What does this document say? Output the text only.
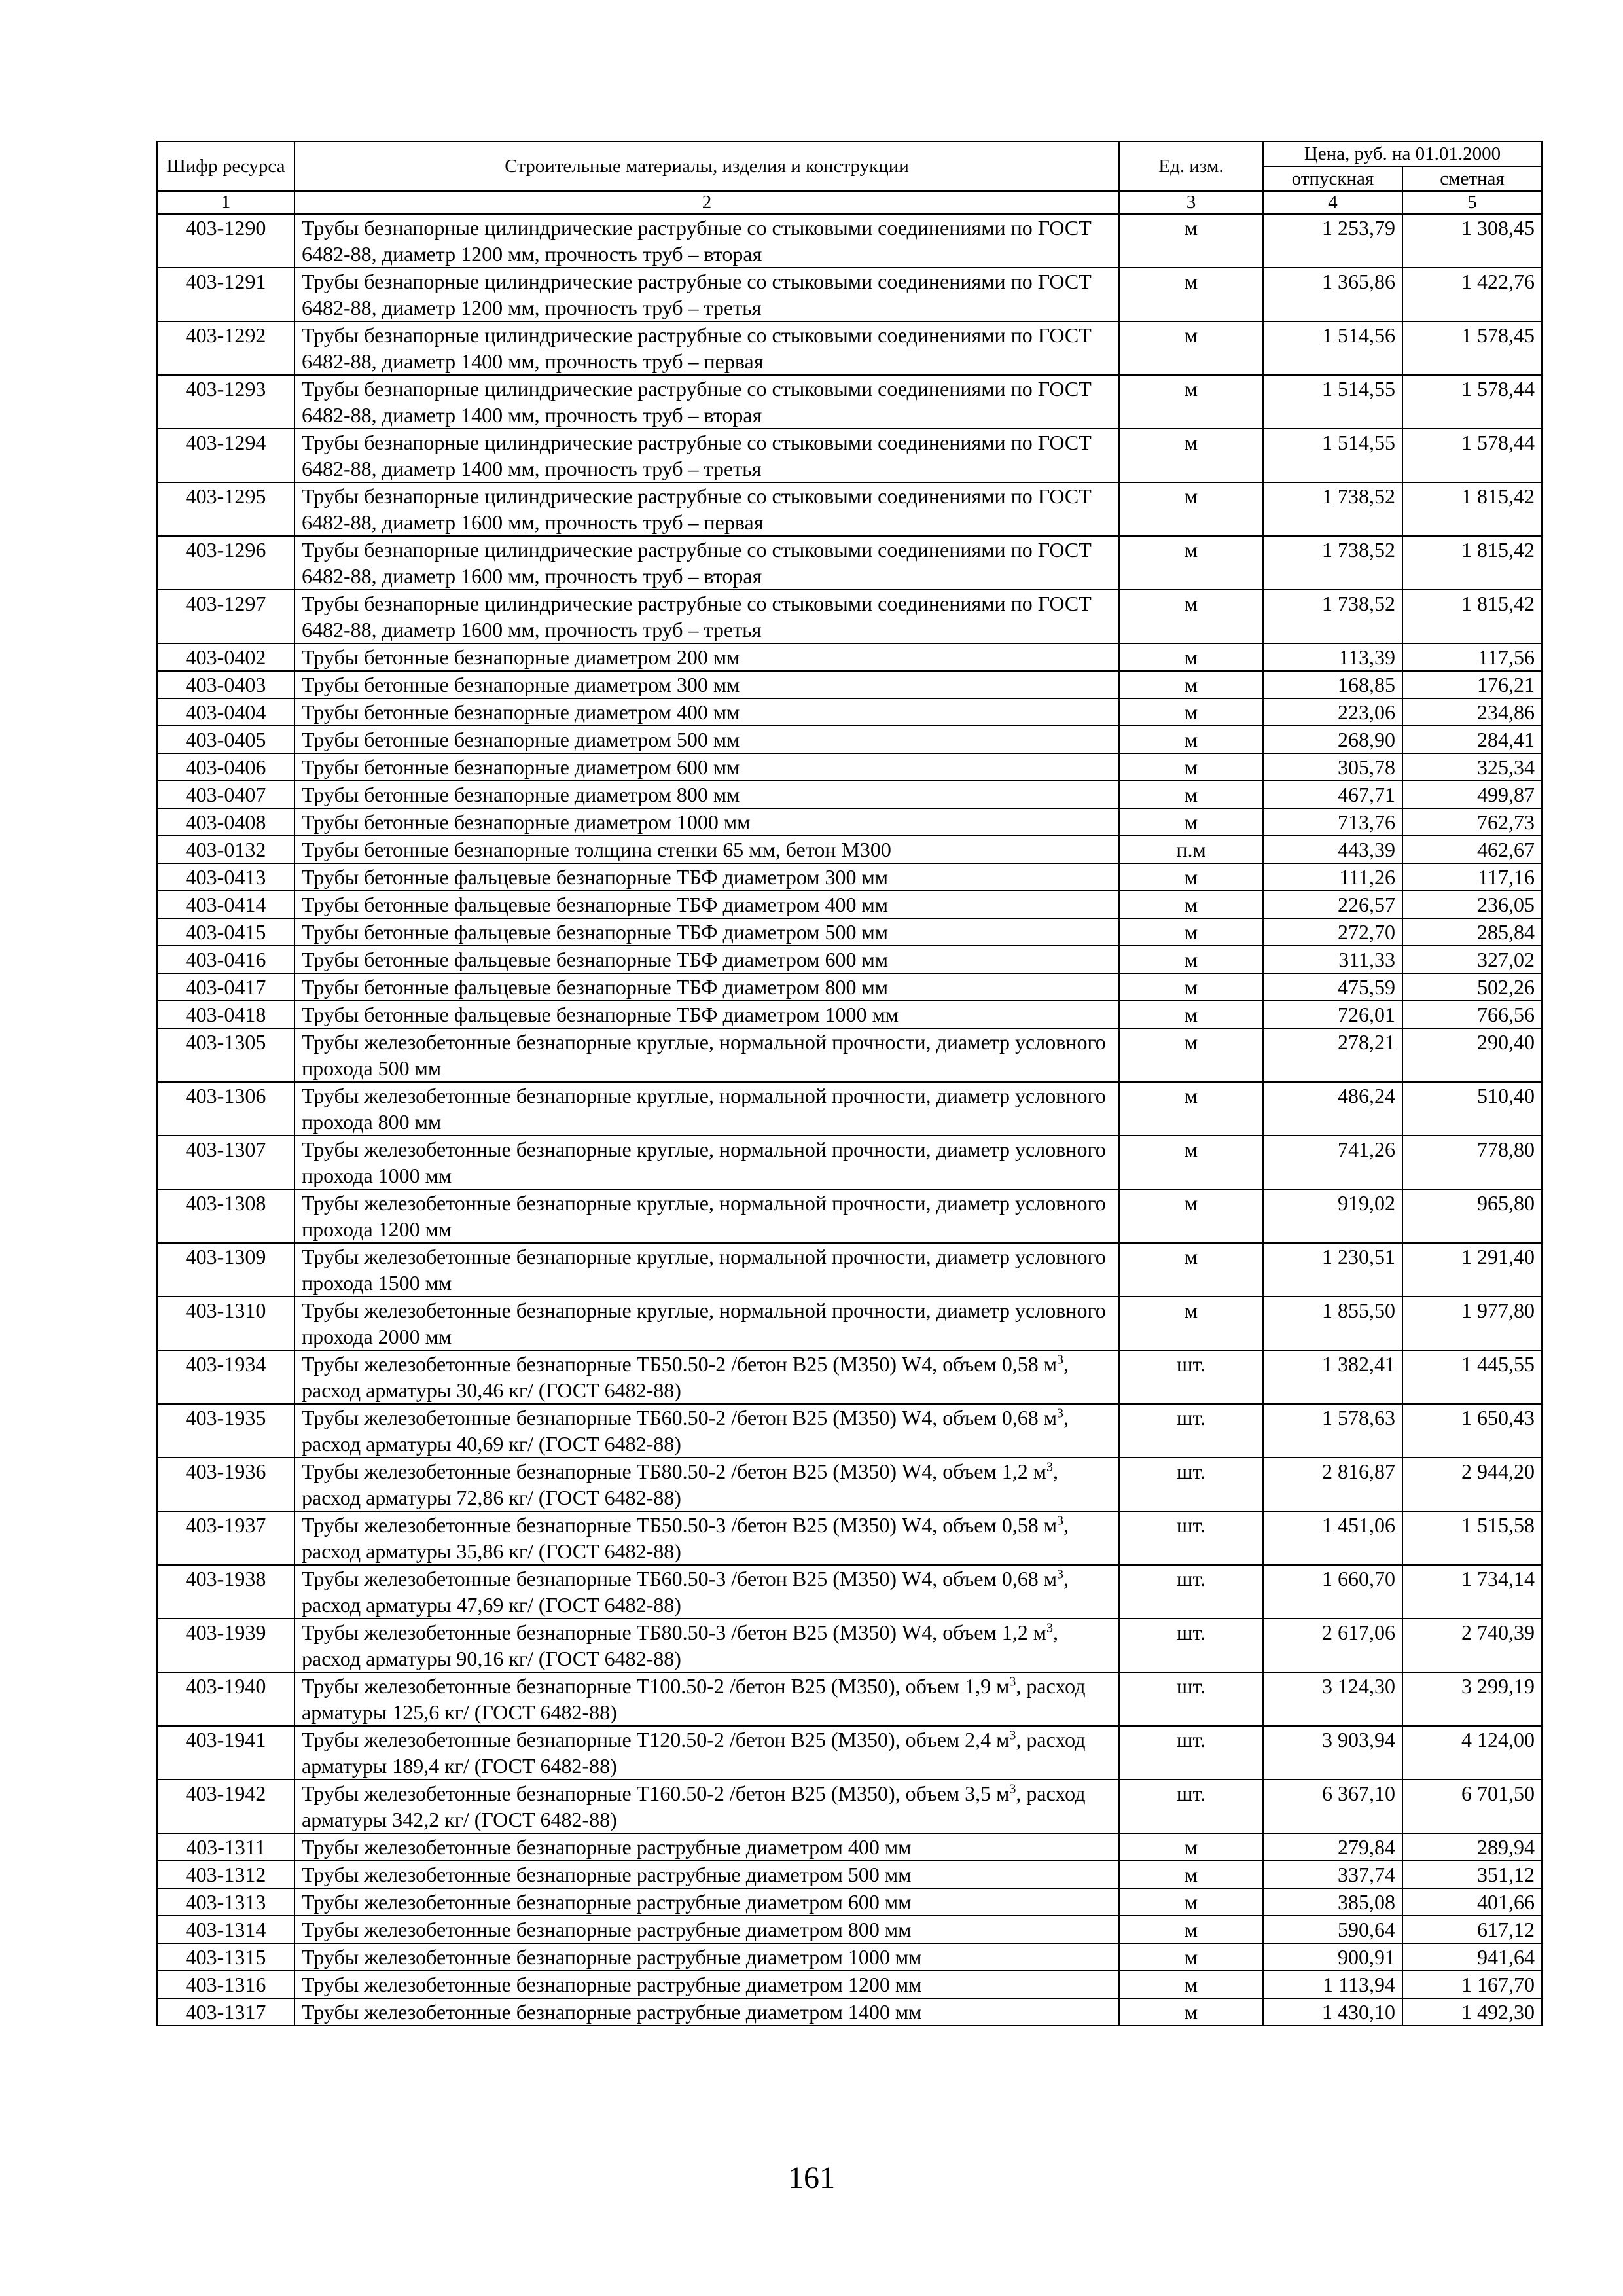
Шифр ресурса	Строительные материалы, изделия и конструкции	Ед. изм.	Цена, руб. на 01.01.2000	
			отпускная	сметная
1	2	3	4	5
403-1290	Трубы безнапорные цилиндрические раструбные со стыковыми соединениями по ГОСТ 6482-88, диаметр 1200 мм, прочность труб – вторая	м	1 253,79	1 308,45
403-1291	Трубы безнапорные цилиндрические раструбные со стыковыми соединениями по ГОСТ 6482-88, диаметр 1200 мм, прочность труб – третья	м	1 365,86	1 422,76
403-1292	Трубы безнапорные цилиндрические раструбные со стыковыми соединениями по ГОСТ 6482-88, диаметр 1400 мм, прочность труб – первая	м	1 514,56	1 578,45
403-1293	Трубы безнапорные цилиндрические раструбные со стыковыми соединениями по ГОСТ 6482-88, диаметр 1400 мм, прочность труб – вторая	м	1 514,55	1 578,44
403-1294	Трубы безнапорные цилиндрические раструбные со стыковыми соединениями по ГОСТ 6482-88, диаметр 1400 мм, прочность труб – третья	м	1 514,55	1 578,44
403-1295	Трубы безнапорные цилиндрические раструбные со стыковыми соединениями по ГОСТ 6482-88, диаметр 1600 мм, прочность труб – первая	м	1 738,52	1 815,42
403-1296	Трубы безнапорные цилиндрические раструбные со стыковыми соединениями по ГОСТ 6482-88, диаметр 1600 мм, прочность труб – вторая	м	1 738,52	1 815,42
403-1297	Трубы безнапорные цилиндрические раструбные со стыковыми соединениями по ГОСТ 6482-88, диаметр 1600 мм, прочность труб – третья	м	1 738,52	1 815,42
403-0402	Трубы бетонные безнапорные диаметром 200 мм	м	113,39	117,56
403-0403	Трубы бетонные безнапорные диаметром 300 мм	м	168,85	176,21
403-0404	Трубы бетонные безнапорные диаметром 400 мм	м	223,06	234,86
403-0405	Трубы бетонные безнапорные диаметром 500 мм	м	268,90	284,41
403-0406	Трубы бетонные безнапорные диаметром 600 мм	м	305,78	325,34
403-0407	Трубы бетонные безнапорные диаметром 800 мм	м	467,71	499,87
403-0408	Трубы бетонные безнапорные диаметром 1000 мм	м	713,76	762,73
403-0132	Трубы бетонные безнапорные толщина стенки 65 мм, бетон М300	п.м	443,39	462,67
403-0413	Трубы бетонные фальцевые безнапорные ТБФ диаметром 300 мм	м	111,26	117,16
403-0414	Трубы бетонные фальцевые безнапорные ТБФ диаметром 400 мм	м	226,57	236,05
403-0415	Трубы бетонные фальцевые безнапорные ТБФ диаметром 500 мм	м	272,70	285,84
403-0416	Трубы бетонные фальцевые безнапорные ТБФ диаметром 600 мм	м	311,33	327,02
403-0417	Трубы бетонные фальцевые безнапорные ТБФ диаметром 800 мм	м	475,59	502,26
403-0418	Трубы бетонные фальцевые безнапорные ТБФ диаметром 1000 мм	м	726,01	766,56
403-1305	Трубы железобетонные безнапорные круглые, нормальной прочности, диаметр условного прохода 500 мм	м	278,21	290,40
403-1306	Трубы железобетонные безнапорные круглые, нормальной прочности, диаметр условного прохода 800 мм	м	486,24	510,40
403-1307	Трубы железобетонные безнапорные круглые, нормальной прочности, диаметр условного прохода 1000 мм	м	741,26	778,80
403-1308	Трубы железобетонные безнапорные круглые, нормальной прочности, диаметр условного прохода 1200 мм	м	919,02	965,80
403-1309	Трубы железобетонные безнапорные круглые, нормальной прочности, диаметр условного прохода 1500 мм	м	1 230,51	1 291,40
403-1310	Трубы железобетонные безнапорные круглые, нормальной прочности, диаметр условного прохода 2000 мм	м	1 855,50	1 977,80
403-1934	Трубы железобетонные безнапорные ТБ50.50-2 /бетон В25 (М350) W4, объем 0,58 $м^3$, расход арматуры 30,46 кг/ (ГОСТ 6482-88)	шт.	1 382,41	1 445,55
403-1935	Трубы железобетонные безнапорные ТБ60.50-2 /бетон В25 (М350) W4, объем 0,68 $м^3$, расход арматуры 40,69 кг/ (ГОСТ 6482-88)	шт.	1 578,63	1 650,43
403-1936	Трубы железобетонные безнапорные ТБ80.50-2 /бетон В25 (М350) W4, объем 1,2 $м^3$, расход арматуры 72,86 кг/ (ГОСТ 6482-88)	шт.	2 816,87	2 944,20
403-1937	Трубы железобетонные безнапорные ТБ50.50-3 /бетон В25 (М350) W4, объем 0,58 $м^3$, расход арматуры 35,86 кг/ (ГОСТ 6482-88)	шт.	1 451,06	1 515,58
403-1938	Трубы железобетонные безнапорные ТБ60.50-3 /бетон В25 (М350) W4, объем 0,68 $м^3$, расход арматуры 47,69 кг/ (ГОСТ 6482-88)	шт.	1 660,70	1 734,14
403-1939	Трубы железобетонные безнапорные ТБ80.50-3 /бетон В25 (М350) W4, объем 1,2 $м^3$, расход арматуры 90,16 кг/ (ГОСТ 6482-88)	шт.	2 617,06	2 740,39
403-1940	Трубы железобетонные безнапорные Т100.50-2 /бетон В25 (М350), объем 1,9 $м^3$, расход арматуры 125,6 кг/ (ГОСТ 6482-88)	шт.	3 124,30	3 299,19
403-1941	Трубы железобетонные безнапорные Т120.50-2 /бетон В25 (М350), объем 2,4 $м^3$, расход арматуры 189,4 кг/ (ГОСТ 6482-88)	шт.	3 903,94	4 124,00
403-1942	Трубы железобетонные безнапорные Т160.50-2 /бетон В25 (М350), объем 3,5 $м^3$, расход арматуры 342,2 кг/ (ГОСТ 6482-88)	шт.	6 367,10	6 701,50
403-1311	Трубы железобетонные безнапорные раструбные диаметром 400 мм	м	279,84	289,94
403-1312	Трубы железобетонные безнапорные раструбные диаметром 500 мм	м	337,74	351,12
403-1313	Трубы железобетонные безнапорные раструбные диаметром 600 мм	м	385,08	401,66
403-1314	Трубы железобетонные безнапорные раструбные диаметром 800 мм	м	590,64	617,12
403-1315	Трубы железобетонные безнапорные раструбные диаметром 1000 мм	м	900,91	941,64
403-1316	Трубы железобетонные безнапорные раструбные диаметром 1200 мм	м	1 113,94	1 167,70
403-1317	Трубы железобетонные безнапорные раструбные диаметром 1400 мм	м	1 430,10	1 492,30
161
